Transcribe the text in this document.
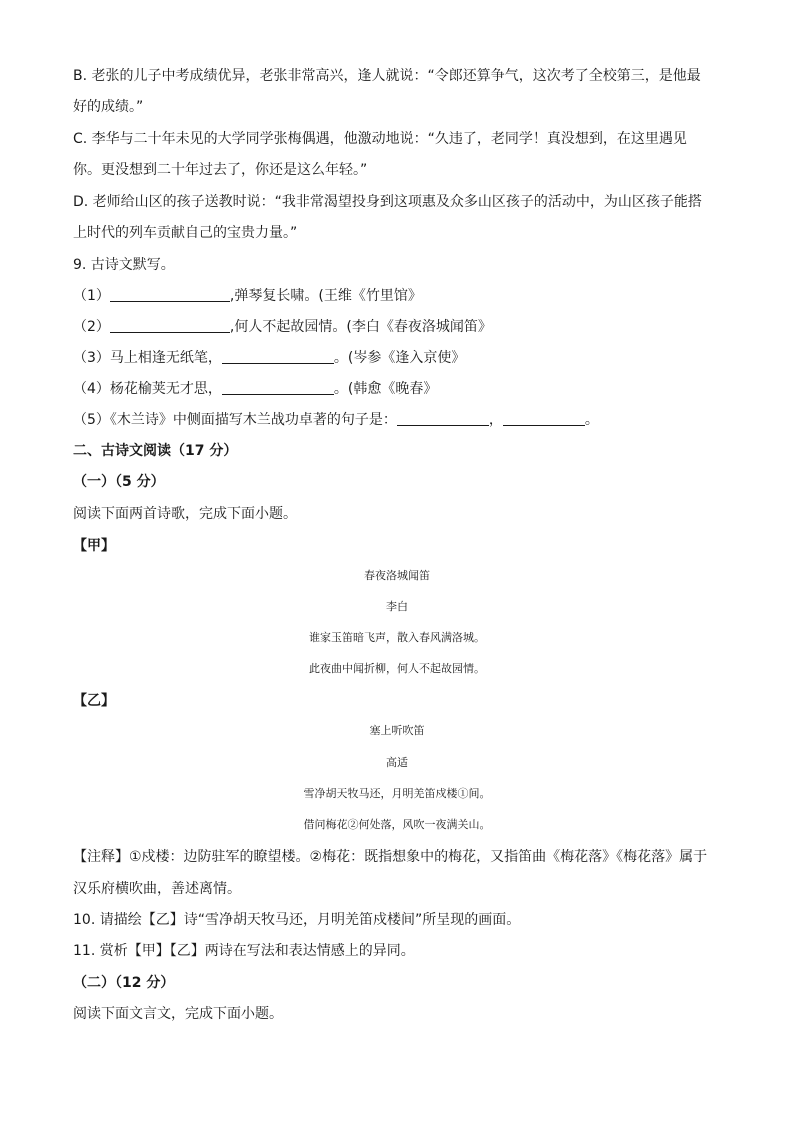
B. 老张的儿子中考成绩优异，老张非常高兴，逢人就说：“令郎还算争气，这次考了全校第三，是他最
好的成绩。”
C. 李华与二十年未见的大学同学张梅偶遇，他激动地说：“久违了，老同学！真没想到，在这里遇见
你。更没想到二十年过去了，你还是这么年轻。”
D. 老师给山区的孩子送教时说：“我非常渴望投身到这项惠及众多山区孩子的活动中，为山区孩子能搭
上时代的列车贡献自己的宝贵力量。”
9. 古诗文默写。
（1）	,弹琴复长啸。(王维《竹里馆》
（2）	,何人不起故园情。(李白《春夜洛城闻笛》
（3）马上相逢无纸笔，	。(岑参《逢入京使》
（4）杨花榆荚无才思，	。(韩愈《晚春》
（5）《木兰诗》中侧面描写木兰战功卓著的句子是：	，	。
二、古诗文阅读（17 分）
（一）（5 分）
阅读下面两首诗歌，完成下面小题。
【甲】
春夜洛城闻笛
李白
谁家玉笛暗飞声，散入春风满洛城。
此夜曲中闻折柳，何人不起故园情。
【乙】
塞上听吹笛
高适
雪净胡天牧马还，月明羌笛戍楼①间。
借问梅花②何处落，风吹一夜满关山。
【注释】①戍楼：边防驻军的瞭望楼。②梅花：既指想象中的梅花，又指笛曲《梅花落》《梅花落》属于
汉乐府横吹曲，善述离情。
10. 请描绘【乙】诗“雪净胡天牧马还，月明羌笛戍楼间”所呈现的画面。
11. 赏析【甲】【乙】两诗在写法和表达情感上的异同。
（二）（12 分）
阅读下面文言文，完成下面小题。
